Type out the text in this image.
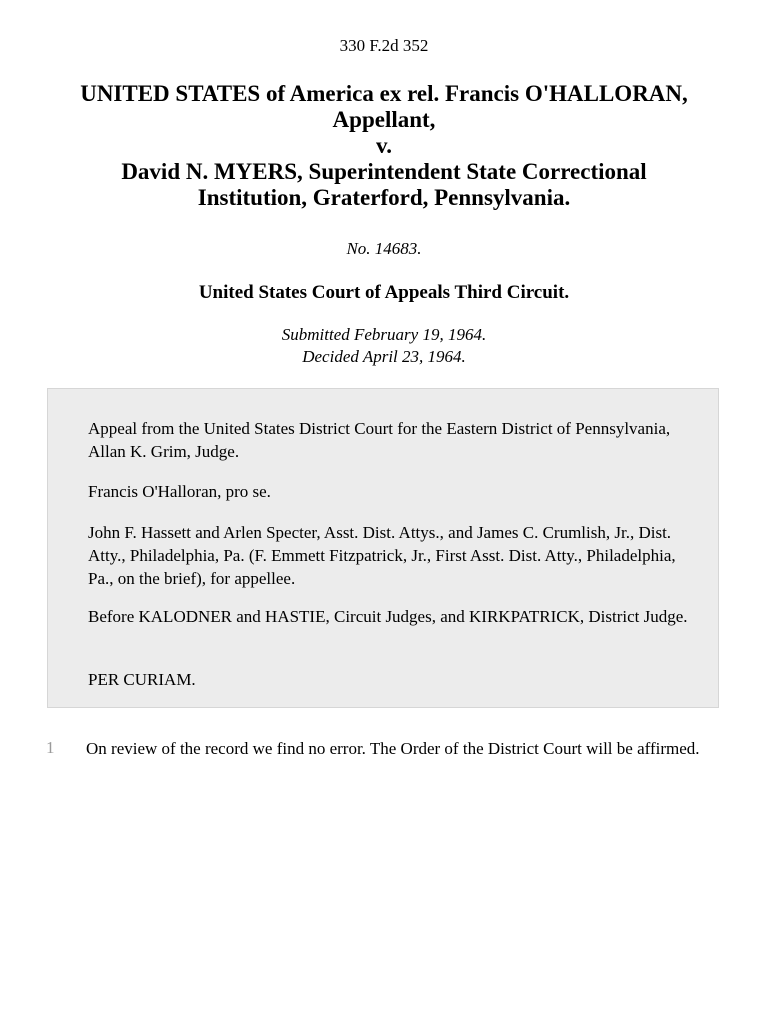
330 F.2d 352
UNITED STATES of America ex rel. Francis O'HALLORAN,
Appellant,
v.
David N. MYERS, Superintendent State Correctional
Institution, Graterford, Pennsylvania.
No. 14683.
United States Court of Appeals Third Circuit.
Submitted February 19, 1964.
Decided April 23, 1964.

Appeal from the United States District Court for the Eastern District of Pennsylvania, Allan K. Grim, Judge.

Francis O'Halloran, pro se.

John F. Hassett and Arlen Specter, Asst. Dist. Attys., and James C. Crumlish, Jr., Dist. Atty., Philadelphia, Pa. (F. Emmett Fitzpatrick, Jr., First Asst. Dist. Atty., Philadelphia, Pa., on the brief), for appellee.

Before KALODNER and HASTIE, Circuit Judges, and KIRKPATRICK, District Judge.

PER CURIAM.

1 On review of the record we find no error. The Order of the District Court will be affirmed.
